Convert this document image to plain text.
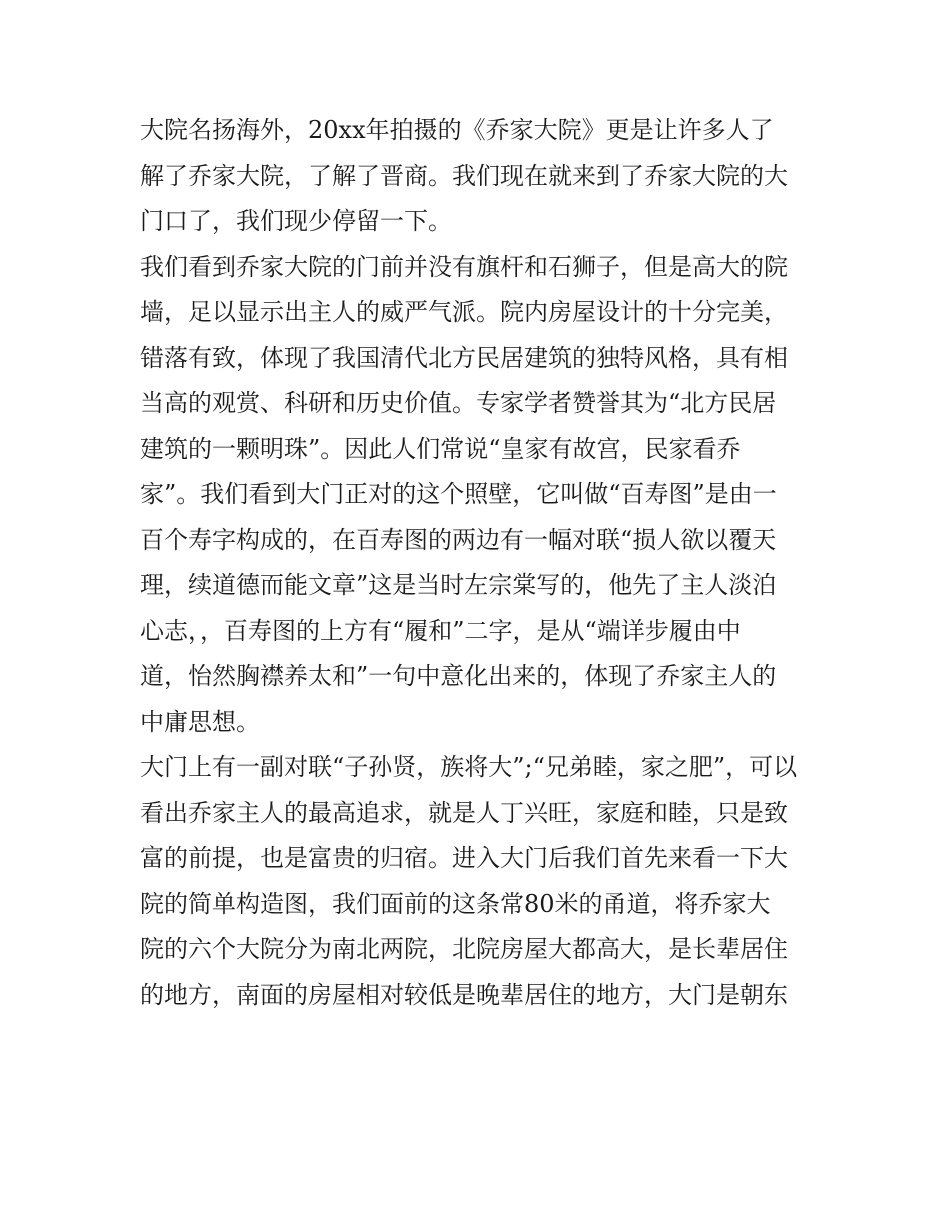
大院名扬海外，20xx年拍摄的《乔家大院》更是让许多人了
解了乔家大院，了解了晋商。我们现在就来到了乔家大院的大
门口了，我们现少停留一下。
我们看到乔家大院的门前并没有旗杆和石狮子，但是高大的院
墙，足以显示出主人的威严气派。院内房屋设计的十分完美，
错落有致，体现了我国清代北方民居建筑的独特风格，具有相
当高的观赏、科研和历史价值。专家学者赞誉其为“北方民居
建筑的一颗明珠”。因此人们常说“皇家有故宫，民家看乔
家”。我们看到大门正对的这个照壁，它叫做“百寿图”是由一
百个寿字构成的，在百寿图的两边有一幅对联“损人欲以覆天
理，续道德而能文章”这是当时左宗棠写的，他先了主人淡泊
心志，，百寿图的上方有“履和”二字，是从“端详步履由中
道，怡然胸襟养太和”一句中意化出来的，体现了乔家主人的
中庸思想。
大门上有一副对联“子孙贤，族将大”;“兄弟睦，家之肥”，可以
看出乔家主人的最高追求，就是人丁兴旺，家庭和睦，只是致
富的前提，也是富贵的归宿。进入大门后我们首先来看一下大
院的简单构造图，我们面前的这条常80米的甬道，将乔家大
院的六个大院分为南北两院，北院房屋大都高大，是长辈居住
的地方，南面的房屋相对较低是晚辈居住的地方，大门是朝东
